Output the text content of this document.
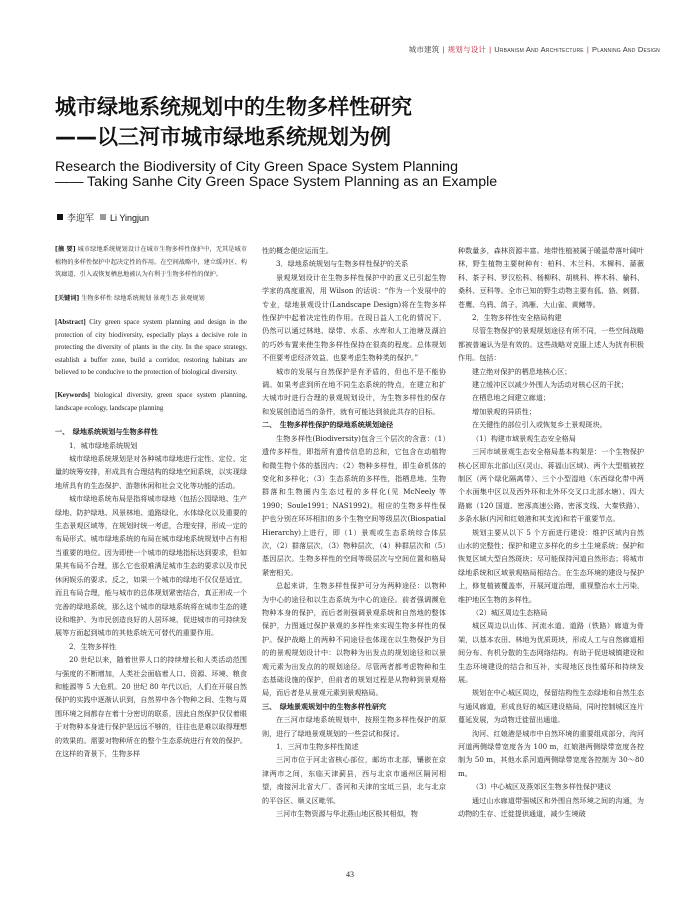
城市建筑 | 规划与设计 | Urbanism And Architecture | Planning And Design
城市绿地系统规划中的生物多样性研究
——以三河市城市绿地系统规划为例
Research the Biodiversity of City Green Space System Planning
—— Taking Sanhe City Green Space System Planning as an Example
李迎军 Li Yingjun

[摘 要] 城市绿地系统规划设计在城市生物多样性保护中，无其是城市植物的多样性保护中起决定性的作用。在空间战略中，建立缓冲区、构筑廊道、引入或恢复栖息地被认为有利于生物多样性的保护。

[关键词] 生物多样性 绿地系统规划 景观生态 景观规划

[Abstract] City green space system planning and design in the protection of city biodiversity, especially plays a decisive role in protecting the diversity of plants in the city. In the space strategy, establish a buffer zone, build a corridor, restoring habitats are believed to be conducive to the protection of biological diversity.

[Keywords] biological diversity, green space system planning, landscape ecology, landscape planning

一、　绿地系统规划与生物多样性

1．城市绿地系统规划

城市绿地系统规划是对各种城市绿地进行定性、定位、定量的统筹安排，形成具有合理结构的绿地空间系统，以实现绿地所具有的生态保护、游憩休闲和社会文化等功能的活动。

城市绿地系统布局是指将城市绿地（包括公园绿地、生产绿地、防护绿地、风景林地、道路绿化、水体绿化以及重要的生态景观区域等，在规划时统一考虑，合理安排，形成一定的布局形式。城市绿地系统的布局在城市绿地系统规划中占有相当重要的地位。因为即使一个城市的绿地指标达到要求，但如果其布局不合理，那么它也很难满足城市生态的要求以及市民休闲娱乐的要求。反之，如果一个城市的绿地不仅仅是适宜，而且布局合理，能与城市的总体规划紧密结合，真正形成一个完善的绿地系统，那么这个城市的绿地系统将在城市生态的建设和维护、为市民创造良好的人居环境、促进城市的可持续发展等方面起到城市的其他系统无可替代的重要作用。

2．生物多样性

20 世纪以来，随着世界人口的持续增长和人类活动范围与强度的不断增加，人类社会面临着人口、资源、环境、粮食和能源等 5 大危机。20 世纪 80 年代以后，人们在开展自然保护的实践中逐渐认识到，自然界中各个物种之间、生物与周围环境之间都存在着十分密切的联系，因此自然保护仅仅着眼于对物种本身进行保护是远远不够的，往往也是难以取得理想的效果的。需要对物种所在的整个生态系统进行有效的保护。在这样的背景下，生物多样

性的概念便应运而生。

3．绿地系统规划与生物多样性保护的关系

景观规划设计在生物多样性保护中的意义已引起生物学家的高度重视，用 Wilson 的话说：“作为一个发展中的专业，绿地景观设计(Landscape Design)将在生物多样性保护中起着决定性的作用。在现日益人工化的情况下，仍然可以通过林地、绿带、水系、水库和人工池塘及湖泊的巧妙布置来使生物多样性保持在很高的程度。总体规划不但要考虑经济效益，也要考虑生物种类的保护。”

城市的发展与自然保护是有矛盾的，但也不是不能协调。如果考虑到所在地不同生态系统的特点，在建立和扩大城市时进行合理的景观规划设计，为生物多样性的保存和发展创造适当的条件，就有可能达到彼此共存的目标。

二、　生物多样性保护的绿地系统规划途径

生物多样性(Biodiversity)包含三个层次的含意：（1）遗传多样性，即指所有遗传信息的总和，它包含在动植物和微生物个体的基因内；（2）物种多样性，即生命机体的变化和多样化；（3）生态系统的多样性，指栖息地、生物群落和生物圈内生态过程的多样化(见 McNeely 等 1990；Soule1991；NAS1992)。相应的生物多样性保护也分别在环环相扣的多个生物空间等级层次(Biospatial Hierarchy)上进行，即（1）景观或生态系统综合体层次，（2）群落层次，（3）物种层次，（4）种群层次和（5）基因层次。生物多样性的空间等级层次与空间位置和格局紧密相关。

总起来讲，生物多样性保护可分为两种途径：以物种为中心的途径和以生态系统为中心的途径。前者强调濒危物种本身的保护，而后者则强调景观系统和自然地的整体保护，力图通过保护景观的多样性来实现生物多样性的保护。保护战略上的两种不同途径也体现在以生物保护为目的的景观规划设计中：以物种为出发点的规划途径和以景观元素为出发点的的规划途径。尽管两者都考虑物种和生态基础设施的保护，但前者的规划过程是从物种到景观格局，而后者是从景观元素到景观格局。

三、　绿地景观规划中的生物多样性研究

在三河市绿地系统规划中，按照生物多样性保护的原则，进行了绿地景观规划的一些尝试和探讨。

1．三河市生物多样性简述

三河市位于河北省核心部位，邮坊市北部，镶嵌在京津两市之间，东临天津蓟县，西与北京市通州区隔河相望，南接河北省大厂、香河和天津的宝坻三县，北与北京的平谷区、顺义区毗邻。

三河市生物资源与华北燕山地区极其相似，物

种数量多，森林资源丰富。地带性植被属于暖温带落叶阔叶林，野生植物主要树种有：柏科、木兰科、木樨科、蔷薇科、茶子科、罗汉松科、杨柳科、胡桃科、桦木科、榆科、桑科、豆科等。全市已知的野生动物主要有狐、貉、刺猬、苍鹰、乌鸦、鸽子、鸿雁、大山雀、黄鳝等。

2．生物多样性安全格局构建

尽管生物保护的景观规划途径有所不同，一些空间战略都被普遍认为是有效的。这些战略对克服上述人为扰有积极作用。包括：

建立绝对保护的栖息地核心区；

建立缓冲区以减少外围人为活动对核心区的干扰；

在栖息地之间建立廊道；

增加景观的异质性；

在关键性的部位引入或恢复乡土景观斑块。

（1）构建市域景观生态安全格局

三河市域景观生态安全格局基本构架是：一个生物保护核心区即东北部山区(灵山、蒋福山区域)、两个大型植被控制区（两个绿化隔离带）、三个小型湿地（东西绿化带中两个水面集中区以及西外环和北外环交叉口北部水塘）、四大路廊（120 国道、密涿高速公路、密涿支线、大秦铁路）、多条水脉(内河和红娘港和其支流)和若干重要节点。

规划主要从以下 5 个方面进行建设：维护区域内自然山水的完整性；保护和建立多样化的乡土生境系统；保护和恢复区域大型自然斑块；尽可能保持河道自然形态；将城市绿地系统和区域景观格局相结合。在生态环境的建设与保护上，修复植被覆盖率，开展河道治理，重视整治水土污染，维护地区生物的多样性。

（2）城区周边生态格局

城区周边以山体、河流水道、道路（铁路）廊道为骨架，以基本农田、林地为优质斑块，形成人工与自然廊道相间分布、有机分散的生态网络结构。有助于促进城镇建设和生态环境建设的结合和互补，实现地区良性循环和持续发展。

规划在中心城区周边，保留结构性生态绿地和自然生态与通风廊道，形成良好的城区建设格局，同时控制城区连片蔓延发展，为动物迁徙留出通道。

泃河、红娘港是城市中自然环境的重要组成部分，泃河河道两侧绿带宽度各为 100 m，红娘港两侧绿带宽度各控制为 50 m，其他水系河道两侧绿带宽度各控制为 30～80 m。

（3）中心城区及燕郊区生物多样性保护建议

通过山水廊道带强城区和外围自然环境之间的沟通，为动物的生存、迁徙提供通道，减少生境破

43
